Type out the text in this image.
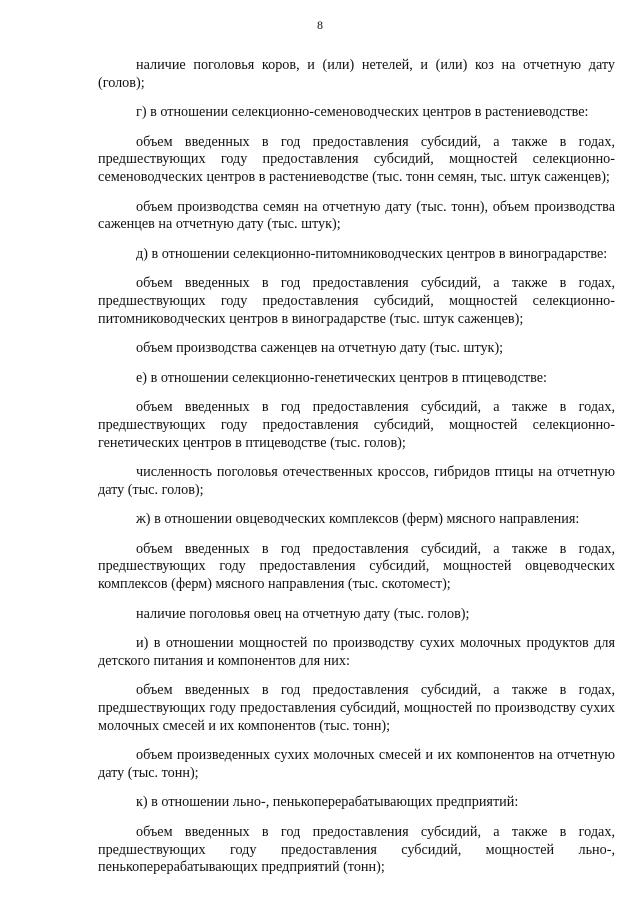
8

наличие поголовья коров, и (или) нетелей, и (или) коз на отчетную дату (голов);

г) в отношении селекционно-семеноводческих центров в растениеводстве:

объем введенных в год предоставления субсидий, а также в годах, предшествующих году предоставления субсидий, мощностей селекционно-семеноводческих центров в растениеводстве (тыс. тонн семян, тыс. штук саженцев);

объем производства семян на отчетную дату (тыс. тонн), объем производства саженцев на отчетную дату (тыс. штук);

д) в отношении селекционно-питомниководческих центров в виноградарстве:

объем введенных в год предоставления субсидий, а также в годах, предшествующих году предоставления субсидий, мощностей селекционно-питомниководческих центров в виноградарстве (тыс. штук саженцев);

объем производства саженцев на отчетную дату (тыс. штук);

е) в отношении селекционно-генетических центров в птицеводстве:

объем введенных в год предоставления субсидий, а также в годах, предшествующих году предоставления субсидий, мощностей селекционно-генетических центров в птицеводстве (тыс. голов);

численность поголовья отечественных кроссов, гибридов птицы на отчетную дату (тыс. голов);

ж) в отношении овцеводческих комплексов (ферм) мясного направления:

объем введенных в год предоставления субсидий, а также в годах, предшествующих году предоставления субсидий, мощностей овцеводческих комплексов (ферм) мясного направления (тыс. скотомест);

наличие поголовья овец на отчетную дату (тыс. голов);

и) в отношении мощностей по производству сухих молочных продуктов для детского питания и компонентов для них:

объем введенных в год предоставления субсидий, а также в годах, предшествующих году предоставления субсидий, мощностей по производству сухих молочных смесей и их компонентов (тыс. тонн);

объем произведенных сухих молочных смесей и их компонентов на отчетную дату (тыс. тонн);

к) в отношении льно-, пенькоперерабатывающих предприятий:

объем введенных в год предоставления субсидий, а также в годах, предшествующих году предоставления субсидий, мощностей льно-, пенькоперерабатывающих предприятий (тонн);
